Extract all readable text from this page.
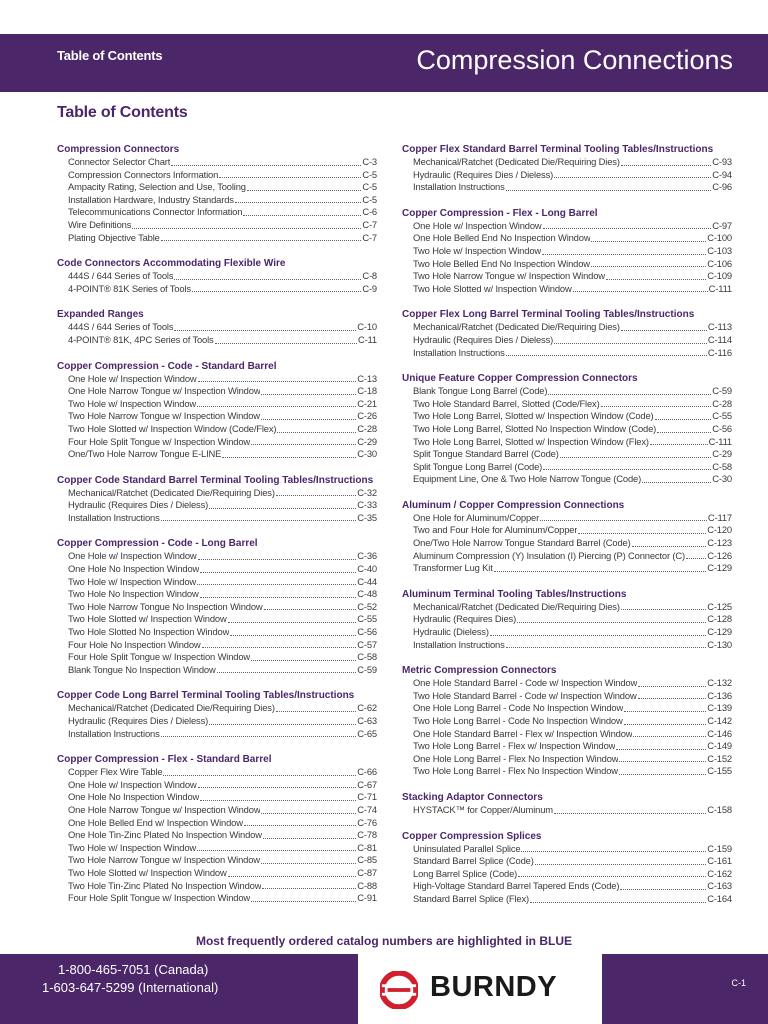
Table of Contents	Compression Connections
Table of Contents
Compression Connectors
Connector Selector Chart	C-3
Compression Connectors Information	C-5
Ampacity Rating, Selection and Use, Tooling	C-5
Installation Hardware, Industry Standards	C-5
Telecommunications Connector Information	C-6
Wire Definitions	C-7
Plating Objective Table	C-7
Code Connectors Accommodating Flexible Wire
444S / 644 Series of Tools	C-8
4-POINT® 81K Series of Tools	C-9
Expanded Ranges
444S / 644 Series of Tools	C-10
4-POINT® 81K, 4PC Series of Tools	C-11
Copper Compression - Code - Standard Barrel
One Hole w/ Inspection Window	C-13
One Hole Narrow Tongue w/ Inspection Window	C-18
Two Hole w/ Inspection Window	C-21
Two Hole Narrow Tongue w/ Inspection Window	C-26
Two Hole Slotted w/ Inspection Window (Code/Flex)	C-28
Four Hole Split Tongue w/ Inspection Window	C-29
One/Two Hole Narrow Tongue E-LINE	C-30
Copper Code Standard Barrel Terminal Tooling Tables/Instructions
Mechanical/Ratchet (Dedicated Die/Requiring Dies)	C-32
Hydraulic (Requires Dies / Dieless)	C-33
Installation Instructions	C-35
Copper Compression - Code - Long Barrel
One Hole w/ Inspection Window	C-36
One Hole No Inspection Window	C-40
Two Hole w/ Inspection Window	C-44
Two Hole No Inspection Window	C-48
Two Hole Narrow Tongue No Inspection Window	C-52
Two Hole Slotted w/ Inspection Window	C-55
Two Hole Slotted No Inspection Window	C-56
Four Hole No Inspection Window	C-57
Four Hole Split Tongue w/ Inspection Window	C-58
Blank Tongue No Inspection Window	C-59
Copper Code Long Barrel Terminal Tooling Tables/Instructions
Mechanical/Ratchet (Dedicated Die/Requiring Dies)	C-62
Hydraulic (Requires Dies / Dieless)	C-63
Installation Instructions	C-65
Copper Compression - Flex - Standard Barrel
Copper Flex Wire Table	C-66
One Hole w/ Inspection Window	C-67
One Hole No Inspection Window	C-71
One Hole Narrow Tongue w/ Inspection Window	C-74
One Hole Belled End w/ Inspection Window	C-76
One Hole Tin-Zinc Plated No Inspection Window	C-78
Two Hole w/ Inspection Window	C-81
Two Hole Narrow Tongue w/ Inspection Window	C-85
Two Hole Slotted w/ Inspection Window	C-87
Two Hole Tin-Zinc Plated No Inspection Window	C-88
Four Hole Split Tongue w/ Inspection Window	C-91
Copper Flex Standard Barrel Terminal Tooling Tables/Instructions
Mechanical/Ratchet (Dedicated Die/Requiring Dies)	C-93
Hydraulic (Requires Dies / Dieless)	C-94
Installation Instructions	C-96
Copper Compression - Flex - Long Barrel
One Hole w/ Inspection Window	C-97
One Hole Belled End No Inspection Window	C-100
Two Hole w/ Inspection Window	C-103
Two Hole Belled End No Inspection Window	C-106
Two Hole Narrow Tongue w/ Inspection Window	C-109
Two Hole Slotted w/ Inspection Window	C-111
Copper Flex Long Barrel Terminal Tooling Tables/Instructions
Mechanical/Ratchet (Dedicated Die/Requiring Dies)	C-113
Hydraulic (Requires Dies / Dieless)	C-114
Installation Instructions	C-116
Unique Feature Copper Compression Connectors
Blank Tongue Long Barrel (Code)	C-59
Two Hole Standard Barrel, Slotted (Code/Flex)	C-28
Two Hole Long Barrel, Slotted w/ Inspection Window (Code)	C-55
Two Hole Long Barrel, Slotted No Inspection Window (Code)	C-56
Two Hole Long Barrel, Slotted w/ Inspection Window (Flex)	C-111
Split Tongue Standard Barrel (Code)	C-29
Split Tongue Long Barrel (Code)	C-58
Equipment Line, One & Two Hole Narrow Tongue (Code)	C-30
Aluminum / Copper Compression Connections
One Hole for Aluminum/Copper	C-117
Two and Four Hole for Aluminum/Copper	C-120
One/Two Hole Narrow Tongue Standard Barrel (Code)	C-123
Aluminum Compression (Y) Insulation (I) Piercing (P) Connector (C) C-126
Transformer Lug Kit	C-129
Aluminum Terminal Tooling Tables/Instructions
Mechanical/Ratchet (Dedicated Die/Requiring Dies)	C-125
Hydraulic (Requires Dies)	C-128
Hydraulic (Dieless)	C-129
Installation Instructions	C-130
Metric Compression Connectors
One Hole Standard Barrel - Code w/ Inspection Window	C-132
Two Hole Standard Barrel - Code w/ Inspection Window	C-136
One Hole Long Barrel - Code No Inspection Window	C-139
Two Hole Long Barrel - Code No Inspection Window	C-142
One Hole Standard Barrel - Flex w/ Inspection Window	C-146
Two Hole Long Barrel - Flex w/ Inspection Window	C-149
One Hole Long Barrel - Flex No Inspection Window	C-152
Two Hole Long Barrel - Flex No Inspection Window	C-155
Stacking Adaptor Connectors
HYSTACK™ for Copper/Aluminum	C-158
Copper Compression Splices
Uninsulated Parallel Splice	C-159
Standard Barrel Splice (Code)	C-161
Long Barrel Splice (Code)	C-162
High-Voltage Standard Barrel Tapered Ends (Code)	C-163
Standard Barrel Splice (Flex)	C-164
Most frequently ordered catalog numbers are highlighted in BLUE
1-800-465-7051 (Canada)
1-603-647-5299 (International)	BURNDY	C-1
